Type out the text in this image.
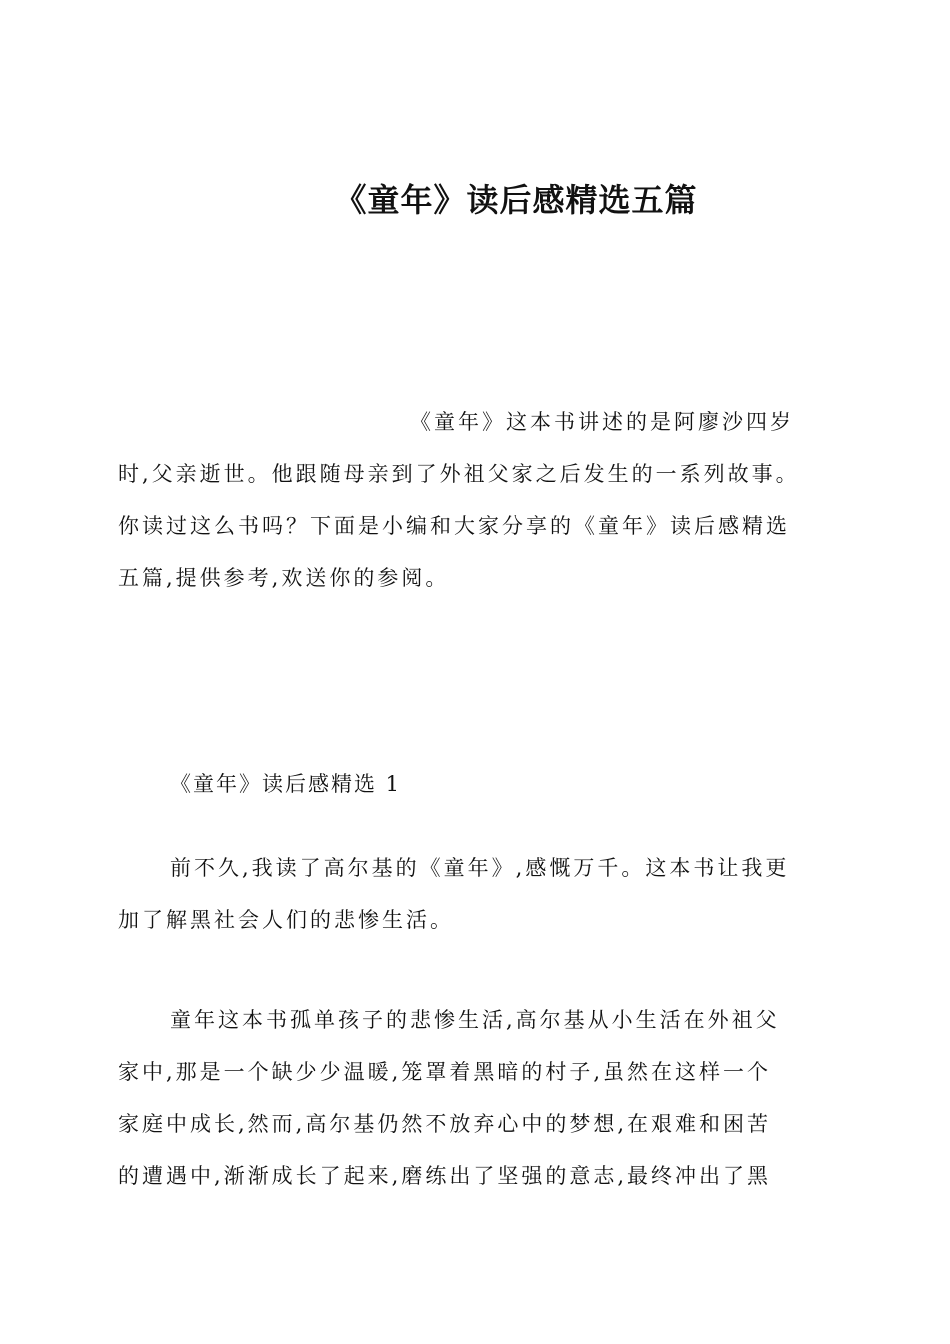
《童年》读后感精选五篇

《童年》这本书讲述的是阿廖沙四岁
时,父亲逝世。他跟随母亲到了外祖父家之后发生的一系列故事。
你读过这么书吗？下面是小编和大家分享的《童年》读后感精选
五篇,提供参考,欢送你的参阅。

《童年》读后感精选 1

前不久,我读了高尔基的《童年》,感慨万千。这本书让我更
加了解黑社会人们的悲惨生活。

童年这本书孤单孩子的悲惨生活,高尔基从小生活在外祖父
家中,那是一个缺少少温暖,笼罩着黑暗的村子,虽然在这样一个
家庭中成长,然而,高尔基仍然不放弃心中的梦想,在艰难和困苦
的遭遇中,渐渐成长了起来,磨练出了坚强的意志,最终冲出了黑
